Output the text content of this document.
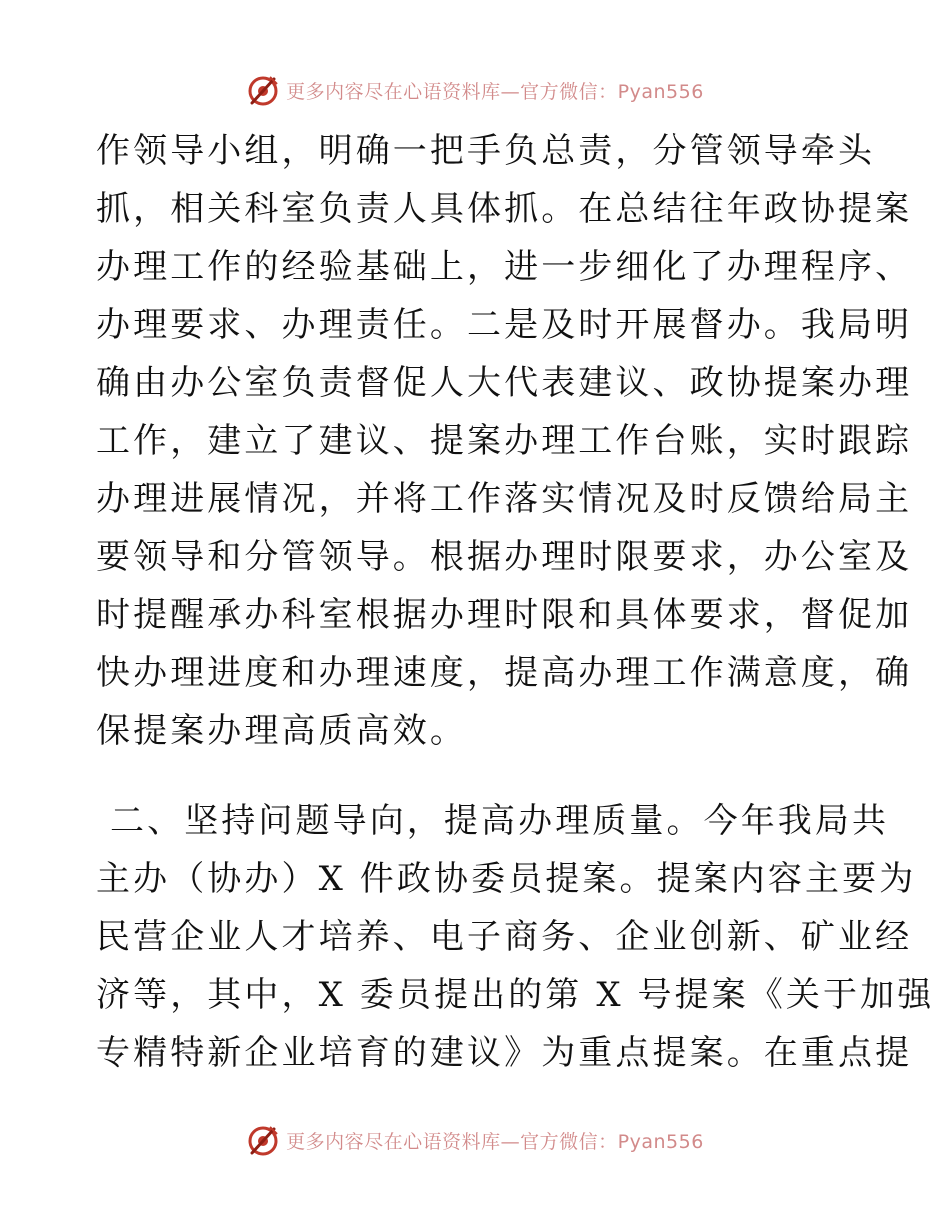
更多内容尽在心语资料库—官方微信：Pyan556

作领导小组，明确一把手负总责，分管领导牵头

抓，相关科室负责人具体抓。在总结往年政协提案

办理工作的经验基础上，进一步细化了办理程序、

办理要求、办理责任。二是及时开展督办。我局明

确由办公室负责督促人大代表建议、政协提案办理

工作，建立了建议、提案办理工作台账，实时跟踪

办理进展情况，并将工作落实情况及时反馈给局主

要领导和分管领导。根据办理时限要求，办公室及

时提醒承办科室根据办理时限和具体要求，督促加

快办理进度和办理速度，提高办理工作满意度，确

保提案办理高质高效。

二、坚持问题导向，提高办理质量。今年我局共

主办（协办）X 件政协委员提案。提案内容主要为

民营企业人才培养、电子商务、企业创新、矿业经

济等，其中，X 委员提出的第 X 号提案《关于加强

专精特新企业培育的建议》为重点提案。在重点提

更多内容尽在心语资料库—官方微信：Pyan556
